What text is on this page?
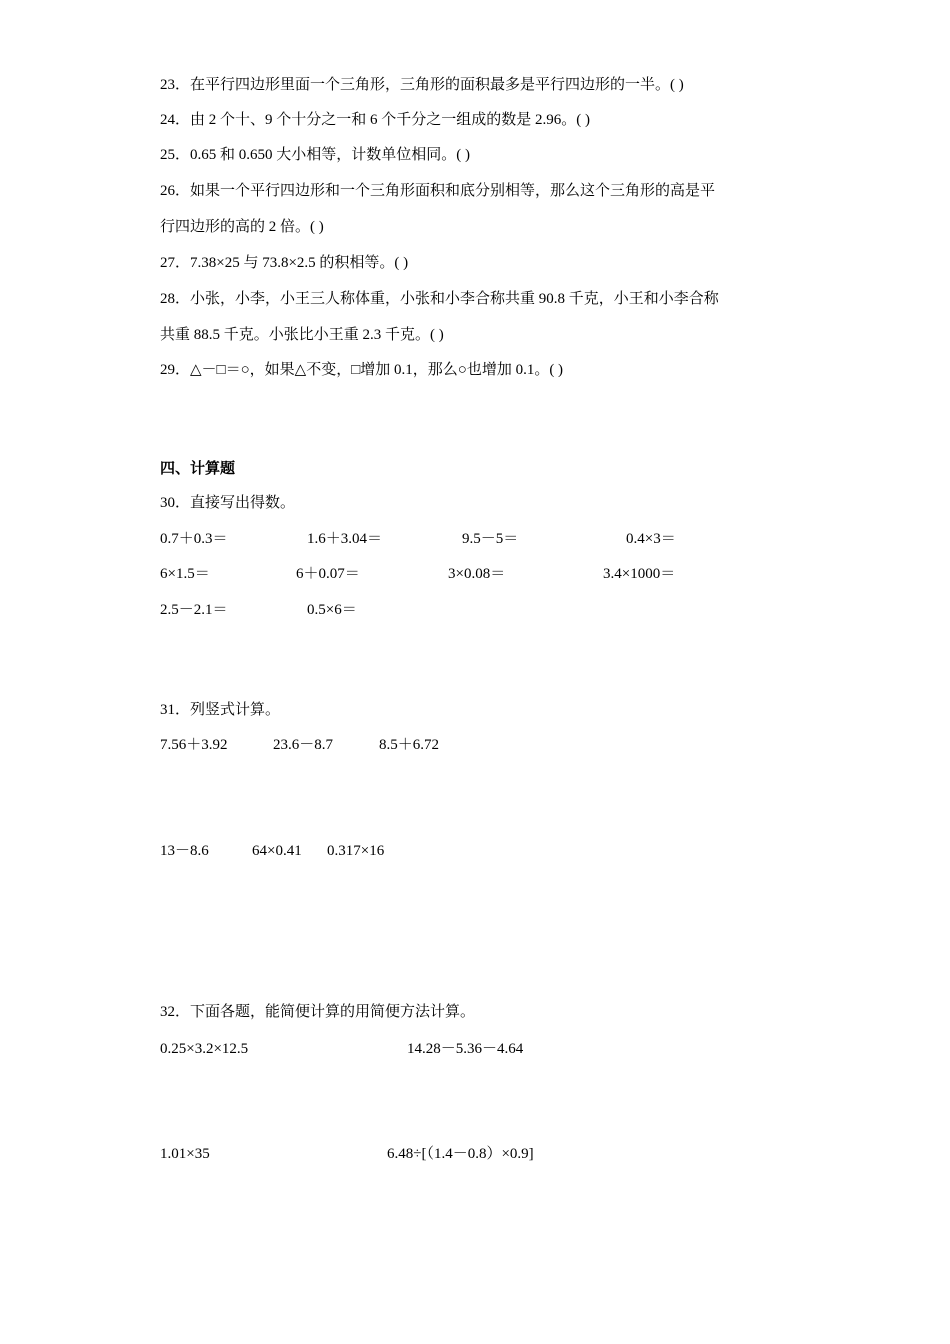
23．在平行四边形里面一个三角形，三角形的面积最多是平行四边形的一半。( )
24．由 2 个十、9 个十分之一和 6 个千分之一组成的数是 2.96。( )
25．0.65 和 0.650 大小相等，计数单位相同。( )
26．如果一个平行四边形和一个三角形面积和底分别相等，那么这个三角形的高是平
行四边形的高的 2 倍。( )
27．7.38×25 与 73.8×2.5 的积相等。( )
28．小张，小李，小王三人称体重，小张和小李合称共重 90.8 千克，小王和小李合称
共重 88.5 千克。小张比小王重 2.3 千克。( )
29．△－□＝○，如果△不变，□增加 0.1，那么○也增加 0.1。( )
四、计算题
30．直接写出得数。
0.7＋0.3＝	1.6＋3.04＝	9.5－5＝	0.4×3＝
6×1.5＝	6＋0.07＝	3×0.08＝	3.4×1000＝
2.5－2.1＝	0.5×6＝
31．列竖式计算。
7.56＋3.92	23.6－8.7	8.5＋6.72
13－8.6	64×0.41 0.317×16
32．下面各题，能简便计算的用简便方法计算。
0.25×3.2×12.5	14.28－5.36－4.64
1.01×35	6.48÷[（1.4－0.8）×0.9]
